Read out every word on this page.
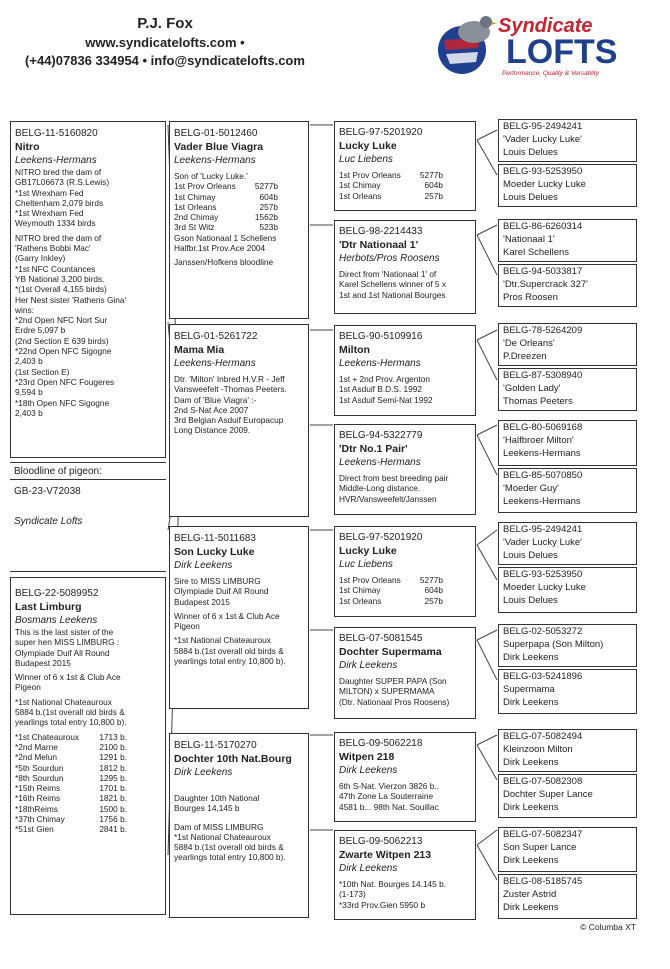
P.J. Fox
www.syndicatelofts.com •
(+44)07836 334954 • info@syndicatelofts.com
Syndicate
LOFTS
Performance, Quality & Versatility
BELG-11-5160820
Nitro
Leekens-Hermans
NITRO bred the dam of
GB17L06673 (R.S.Lewis)
*1st Wrexham Fed
Cheltenham 2,079 birds
*1st Wrexham Fed
Weymouth 1334 birds
NITRO bred the dam of
'Rathens Bobbi Mac'
(Garry Inkley)
*1st NFC Countances
YB National 3,200 birds.
*(1st Overall 4,155 birds)
Her Nest sister 'Rathens Gina'
wins:
*2nd Open NFC Nort Sur
Erdre 5,097 b
(2nd Section E 639 birds)
*22nd Open NFC Sigogne
2,403 b
(1st Section E)
*23rd Open NFC Fougeres
9,594 b
*18th Open NFC Sigogne
2,403 b
Bloodline of pigeon:
GB-23-V72038
Syndicate Lofts
BELG-22-5089952
Last Limburg
Bosmans Leekens
This is the last sister of the
super hen MISS LIMBURG :
Olympiade Duif All Round
Budapest 2015
Winner of 6 x 1st & Club Ace
Pigeon
*1st National Chateauroux
5884 b.(1st overall old birds &
yearlings total entry 10,800 b).
*1st Chateauroux 1713 b.
*2nd Marne	2100 b.
*2nd Melun	1291 b.
*5th Sourdun	1812 b.
*8th Sourdun	1295 b.
*15th Reims	1701 b.
*16th Reims	1821 b.
*18thReims	1500 b.
*37th Chimay	1756 b.
*51st Gien	2841 b.
BELG-01-5012460
Vader Blue Viagra
Leekens-Hermans
Son of 'Lucky Luke.'
1st Prov Orleans 5277b
1st Chimay	604b
1st Orleans	257b
2nd Chimay	1562b
3rd St Witz	523b
Gson Nationaal 1 Schellens
Halfbr.1st Prov.Ace 2004
Janssen/Hofkens bloodline
BELG-01-5261722
Mama Mia
Leekens-Hermans
Dtr. 'Milton' Inbred H.V.R - Jeff
Vansweefelt -Thomas Peeters.
Dam of 'Blue Viagra' :-
2nd S-Nat Ace 2007
3rd Belgian Asduif Europacup
Long Distance 2009.
BELG-11-5011683
Son Lucky Luke
Dirk Leekens
Sire to MISS LIMBURG
Olympiade Duif All Round
Budapest 2015
Winner of 6 x 1st & Club Ace
Pigeon
*1st National Chateauroux
5884 b.(1st overall old birds &
yearlings total entry 10,800 b).
BELG-11-5170270
Dochter 10th Nat.Bourg
Dirk Leekens
Daughter 10th National
Bourges 14,145 b
Dam of MISS LIMBURG
*1st National Chateauroux
5884 b.(1st overall old birds &
yearlings total entry 10,800 b).
BELG-97-5201920
Lucky Luke
Luc Liebens
1st Prov Orleans 5277b
1st Chimay	604b
1st Orleans	257b
BELG-98-2214433
'Dtr Nationaal 1'
Herbots/Pros Roosens
Direct from 'Nationaal 1' of
Karel Schellens winner of 5 x
1st and 1st National Bourges
BELG-90-5109916
Milton
Leekens-Hermans
1st + 2nd Prov. Argenton
1st Asduif B.D.S. 1992
1st Asduif Semi-Nat 1992
BELG-94-5322779
'Dtr No.1 Pair'
Leekens-Hermans
Direct from best breeding pair
Middle-Long distance.
HVR/Vansweefelt/Janssen
BELG-97-5201920
Lucky Luke
Luc Liebens
1st Prov Orleans 5277b
1st Chimay	604b
1st Orleans	257b
BELG-07-5081545
Dochter Supermama
Dirk Leekens
Daughter SUPER PAPA (Son
MILTON) x SUPERMAMA
(Dtr. Nationaal Pros Roosens)
BELG-09-5062218
Witpen 218
Dirk Leekens
6th S-Nat. Vierzon 3826 b..
47th Zone La Souterraine
4581 b... 98th Nat. Souillac
BELG-09-5062213
Zwarte Witpen 213
Dirk Leekens
*10th Nat. Bourges 14.145 b.
(1-173)
*33rd Prov.Gien 5950 b
BELG-95-2494241
'Vader Lucky Luke'
Louis Delues
BELG-93-5253950
Moeder Lucky Luke
Louis Delues
BELG-86-6260314
'Nationaal 1'
Karel Schellens
BELG-94-5033817
'Dtr.Supercrack 327'
Pros Roosen
BELG-78-5264209
'De Orleans'
P.Dreezen
BELG-87-5308940
'Golden Lady'
Thomas Peeters
BELG-80-5069168
'Halfbroer Milton'
Leekens-Hermans
BELG-85-5070850
'Moeder Guy'
Leekens-Hermans
BELG-95-2494241
'Vader Lucky Luke'
Louis Delues
BELG-93-5253950
Moeder Lucky Luke
Louis Delues
BELG-02-5053272
Superpapa (Son Milton)
Dirk Leekens
BELG-03-5241896
Supermama
Dirk Leekens
BELG-07-5082494
Kleinzoon Milton
Dirk Leekens
BELG-07-5082308
Dochter Super Lance
Dirk Leekens
BELG-07-5082347
Son Super Lance
Dirk Leekens
BELG-08-5185745
Zuster Astrid
Dirk Leekens
© Columba XT
